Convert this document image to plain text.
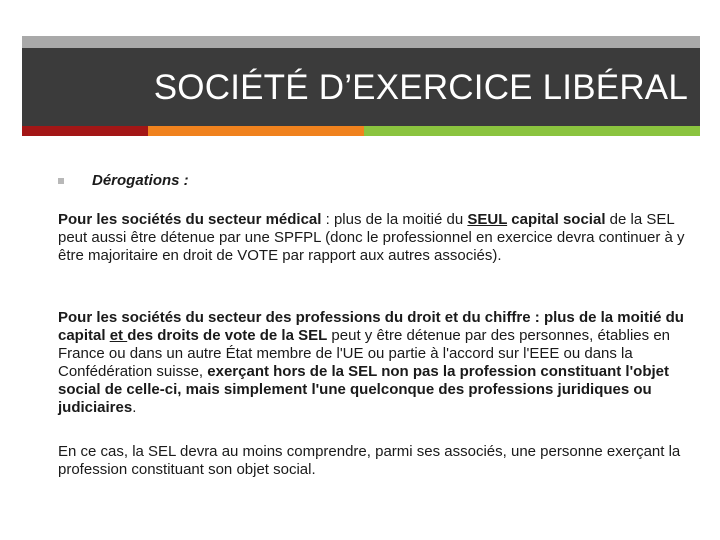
SOCIÉTÉ D’EXERCICE LIBÉRAL
Dérogations :
Pour les sociétés du secteur médical : plus de la moitié du SEUL capital social de la SEL peut aussi être détenue par une SPFPL (donc le professionnel en exercice devra continuer à y être majoritaire en droit de VOTE par rapport aux autres associés).
Pour les sociétés du secteur des professions du droit et du chiffre : plus de la moitié du capital et des droits de vote de la SEL peut y être détenue par des personnes, établies en France ou dans un autre État membre de l'UE ou partie à l'accord sur l'EEE ou dans la Confédération suisse, exerçant hors de la SEL non pas la profession constituant l'objet social de celle-ci, mais simplement l'une quelconque des professions juridiques ou judiciaires.
En ce cas, la SEL devra au moins comprendre, parmi ses associés, une personne exerçant la profession constituant son objet social.
